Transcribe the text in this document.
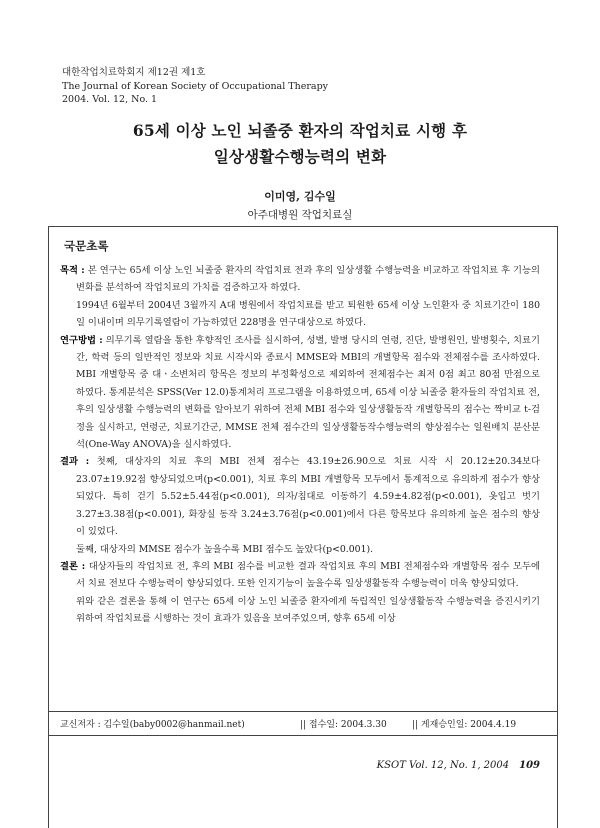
대한작업치료학회지 제12권 제1호
The Journal of Korean Society of Occupational Therapy
2004. Vol. 12, No. 1
65세 이상 노인 뇌졸중 환자의 작업치료 시행 후
일상생활수행능력의 변화
이미영, 김수일
아주대병원 작업치료실
국문초록

목적 : 본 연구는 65세 이상 노인 뇌졸중 환자의 작업치료 전과 후의 일상생활 수행능력을 비교하고 작업치료 후 기능의 변화를 분석하여 작업치료의 가치를 검증하고자 하였다.

1994년 6월부터 2004년 3월까지 A대 병원에서 작업치료를 받고 퇴원한 65세 이상 노인환자 중 치료기간이 180일 이내이며 의무기록열람이 가능하였던 228명을 연구대상으로 하였다.

연구방법 : 의무기록 열람을 통한 후향적인 조사를 실시하여, 성별, 발병 당시의 연령, 진단, 발병원인, 발병횟수, 치료기간, 학력 등의 일반적인 정보와 치료 시작시와 종료시 MMSE와 MBI의 개별항목 점수와 전체점수를 조사하였다. MBI 개별항목 중 대ㆍ소변처리 항목은 정보의 부정확성으로 제외하여 전체점수는 최저 0점 최고 80점 만점으로 하였다. 통계분석은 SPSS(Ver 12.0)통계처리 프로그램을 이용하였으며, 65세 이상 뇌졸중 환자들의 작업치료 전, 후의 일상생활 수행능력의 변화를 알아보기 위하여 전체 MBI 점수와 일상생활동작 개별항목의 점수는 짝비교 t-검정을 실시하고, 연령군, 치료기간군, MMSE 전체 점수간의 일상생활동작수행능력의 향상점수는 일원배치 분산분석(One-Way ANOVA)을 실시하였다.

결과 : 첫째, 대상자의 치료 후의 MBI 전체 점수는 43.19±26.90으로 치료 시작 시 20.12±20.34보다 23.07±19.92점 향상되었으며(p<0.001), 치료 후의 MBI 개별항목 모두에서 통계적으로 유의하게 점수가 향상되었다. 특히 걷기 5.52±5.44점(p<0.001), 의자/침대로 이동하기 4.59±4.82점(p<0.001), 옷입고 벗기 3.27±3.38점(p<0.001), 화장실 동작 3.24±3.76점(p<0.001)에서 다른 항목보다 유의하게 높은 점수의 향상이 있었다.

둘째, 대상자의 MMSE 점수가 높을수록 MBI 점수도 높았다(p<0.001).

결론 : 대상자들의 작업치료 전, 후의 MBI 점수를 비교한 결과 작업치료 후의 MBI 전체점수와 개별항목 점수 모두에서 치료 전보다 수행능력이 향상되었다. 또한 인지기능이 높을수록 일상생활동작 수행능력이 더욱 향상되었다.

위와 같은 결론을 통해 이 연구는 65세 이상 노인 뇌졸중 환자에게 독립적인 일상생활동작 수행능력을 증진시키기 위하여 작업치료를 시행하는 것이 효과가 있음을 보여주었으며, 향후 65세 이상

교신저자 : 김수일(baby0002@hanmail.net)	|| 접수일: 2004.3.30	|| 게재승인일: 2004.4.19
KSOT Vol. 12, No. 1, 2004 109
